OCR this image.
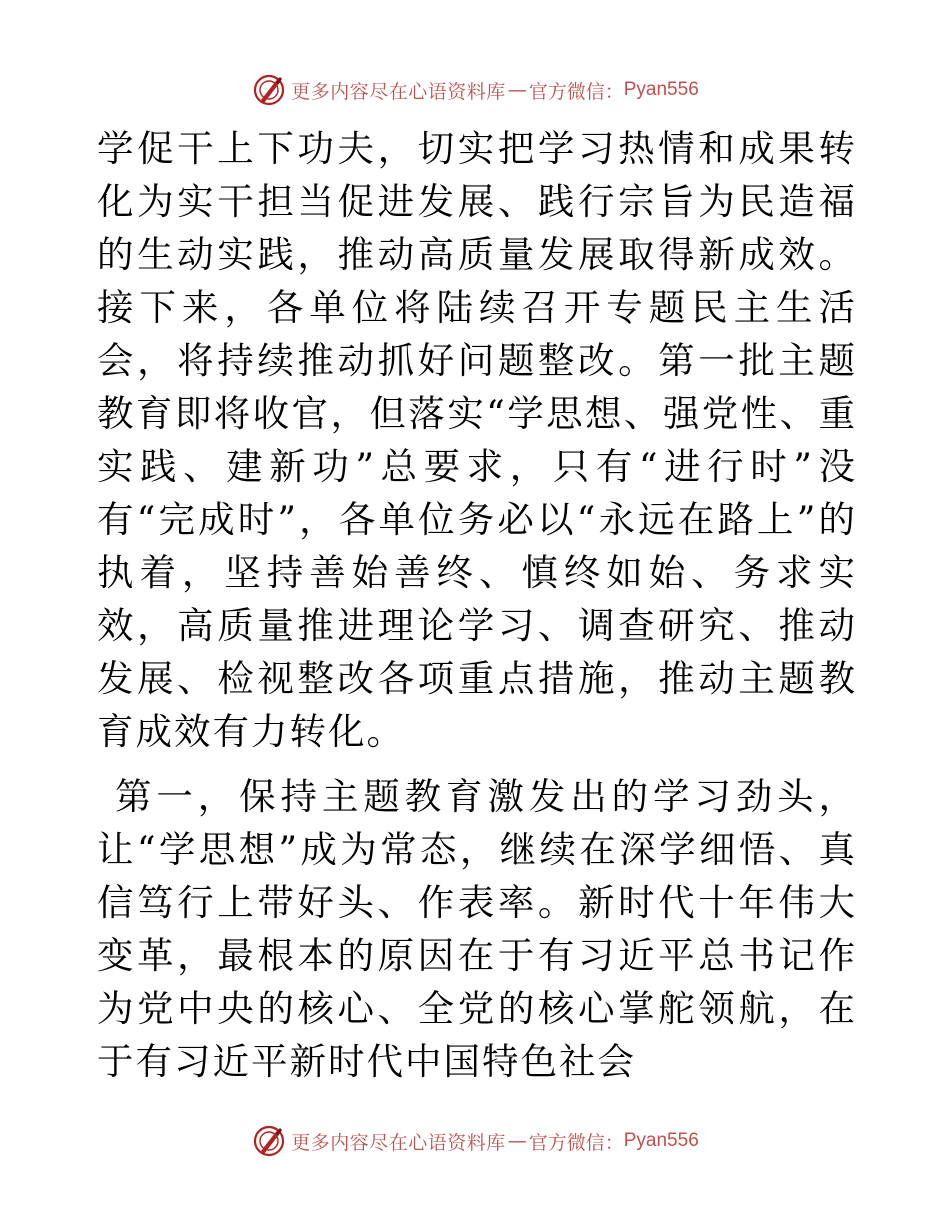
更多内容尽在心语资料库 — 官方微信： Pyan556

学促干上下功夫，切实把学习热情和成果转化为实干担当促进发展、践行宗旨为民造福的生动实践，推动高质量发展取得新成效。接下来，各单位将陆续召开专题民主生活会，将持续推动抓好问题整改。第一批主题教育即将收官，但落实“学思想、强党性、重实践、建新功”总要求，只有“进行时”没有“完成时”，各单位务必以“永远在路上”的执着，坚持善始善终、慎终如始、务求实效，高质量推进理论学习、调查研究、推动发展、检视整改各项重点措施，推动主题教育成效有力转化。

第一，保持主题教育激发出的学习劲头，让“学思想”成为常态，继续在深学细悟、真信笃行上带好头、作表率。新时代十年伟大变革，最根本的原因在于有习近平总书记作为党中央的核心、全党的核心掌舵领航，在于有习近平新时代中国特色社会

更多内容尽在心语资料库 — 官方微信： Pyan556
